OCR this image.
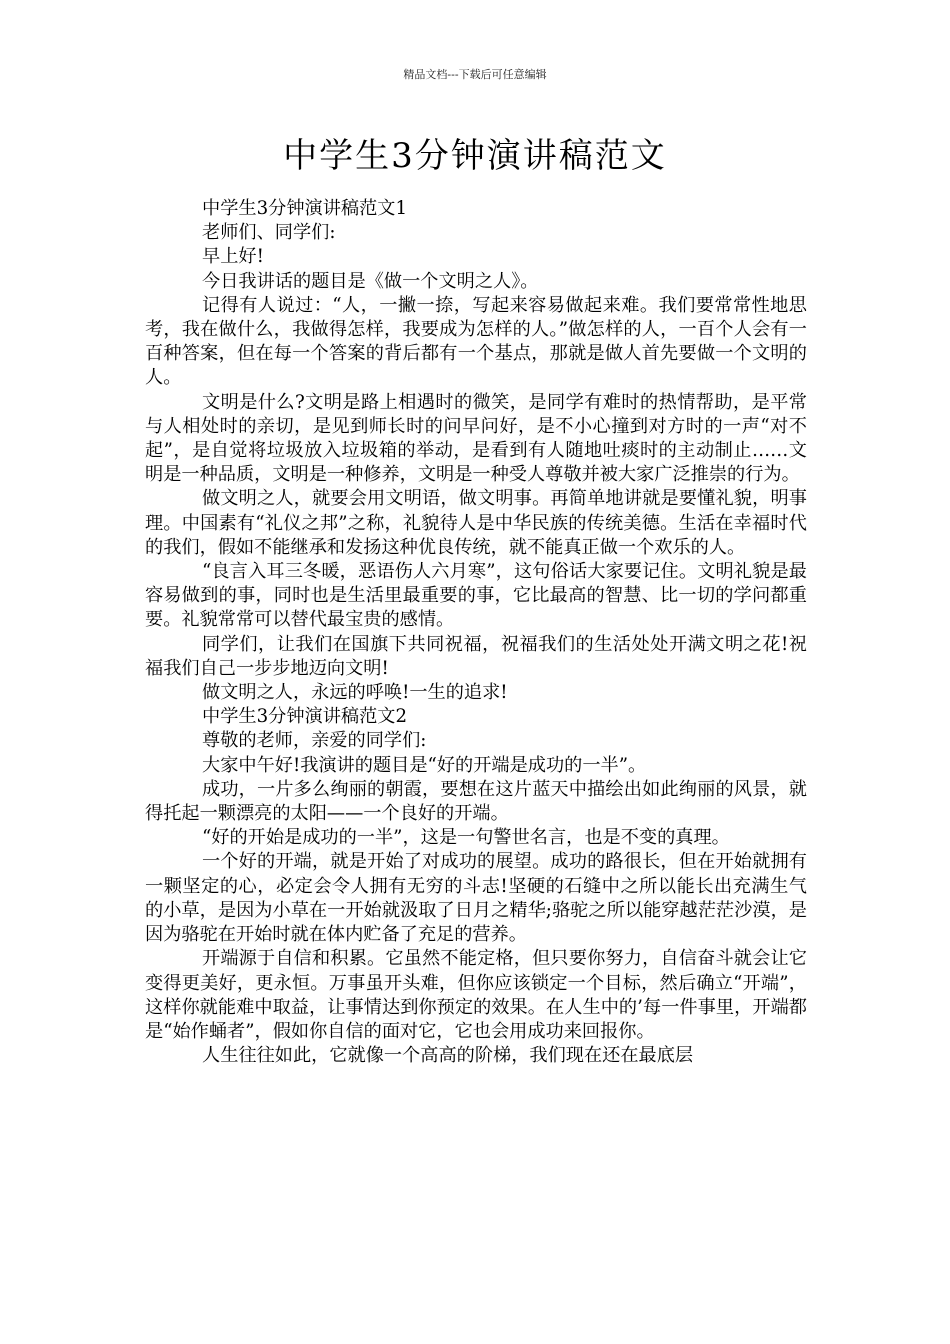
精品文档---下载后可任意编辑
中学生3分钟演讲稿范文

中学生3分钟演讲稿范文1

老师们、同学们:

早上好!

今日我讲话的题目是《做一个文明之人》。

记得有人说过：“人，一撇一捺，写起来容易做起来难。我们要常常性地思考，我在做什么，我做得怎样，我要成为怎样的人。”做怎样的人，一百个人会有一百种答案，但在每一个答案的背后都有一个基点，那就是做人首先要做一个文明的人。

文明是什么?文明是路上相遇时的微笑，是同学有难时的热情帮助，是平常与人相处时的亲切，是见到师长时的问早问好，是不小心撞到对方时的一声“对不起”，是自觉将垃圾放入垃圾箱的举动，是看到有人随地吐痰时的主动制止……文明是一种品质，文明是一种修养，文明是一种受人尊敬并被大家广泛推崇的行为。

做文明之人，就要会用文明语，做文明事。再简单地讲就是要懂礼貌，明事理。中国素有“礼仪之邦”之称，礼貌待人是中华民族的传统美德。生活在幸福时代的我们，假如不能继承和发扬这种优良传统，就不能真正做一个欢乐的人。

“良言入耳三冬暖，恶语伤人六月寒”，这句俗话大家要记住。文明礼貌是最容易做到的事，同时也是生活里最重要的事，它比最高的智慧、比一切的学问都重要。礼貌常常可以替代最宝贵的感情。

同学们，让我们在国旗下共同祝福，祝福我们的生活处处开满文明之花!祝福我们自己一步步地迈向文明!

做文明之人，永远的呼唤!一生的追求!

中学生3分钟演讲稿范文2

尊敬的老师，亲爱的同学们:

大家中午好!我演讲的题目是“好的开端是成功的一半”。

成功，一片多么绚丽的朝霞，要想在这片蓝天中描绘出如此绚丽的风景，就得托起一颗漂亮的太阳——一个良好的开端。

“好的开始是成功的一半”，这是一句警世名言，也是不变的真理。

一个好的开端，就是开始了对成功的展望。成功的路很长，但在开始就拥有一颗坚定的心，必定会令人拥有无穷的斗志!坚硬的石缝中之所以能长出充满生气的小草，是因为小草在一开始就汲取了日月之精华;骆驼之所以能穿越茫茫沙漠，是因为骆驼在开始时就在体内贮备了充足的营养。

开端源于自信和积累。它虽然不能定格，但只要你努力，自信奋斗就会让它变得更美好，更永恒。万事虽开头难，但你应该锁定一个目标，然后确立“开端”，这样你就能难中取益，让事情达到你预定的效果。在人生中的’每一件事里，开端都是“始作蛹者”，假如你自信的面对它，它也会用成功来回报你。

人生往往如此，它就像一个高高的阶梯，我们现在还在最底层
